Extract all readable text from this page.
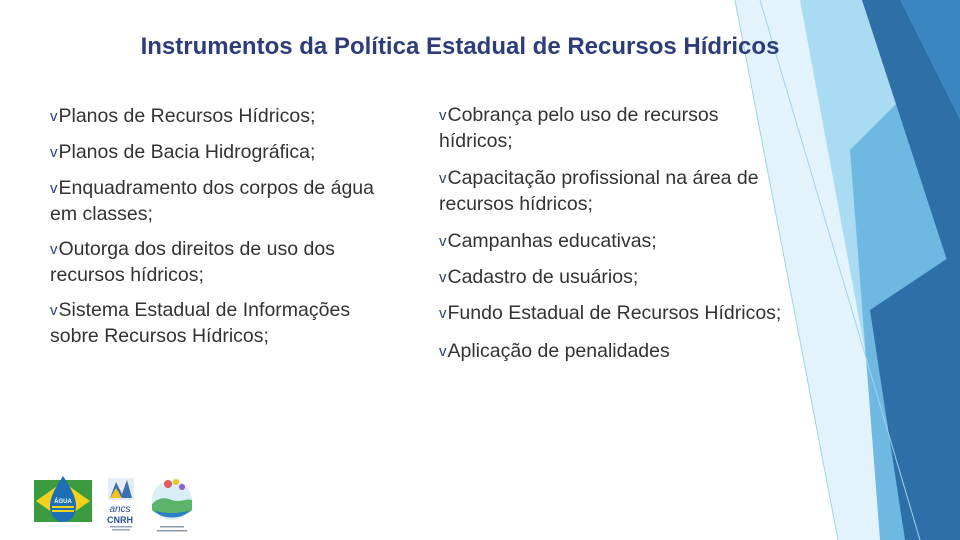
Instrumentos da Política Estadual de Recursos Hídricos

vPlanos de Recursos Hídricos;

vPlanos de Bacia Hidrográfica;

vEnquadramento dos corpos de água em classes;

vOutorga dos direitos de uso dos recursos hídricos;

vSistema Estadual de Informações sobre Recursos Hídricos;

vCobrança pelo uso de recursos hídricos;

vCapacitação profissional na área de recursos hídricos;

vCampanhas educativas;

vCadastro de usuários;

vFundo Estadual de Recursos Hídricos;

vAplicação de penalidades

ÁGUA
ancs
CNRH
